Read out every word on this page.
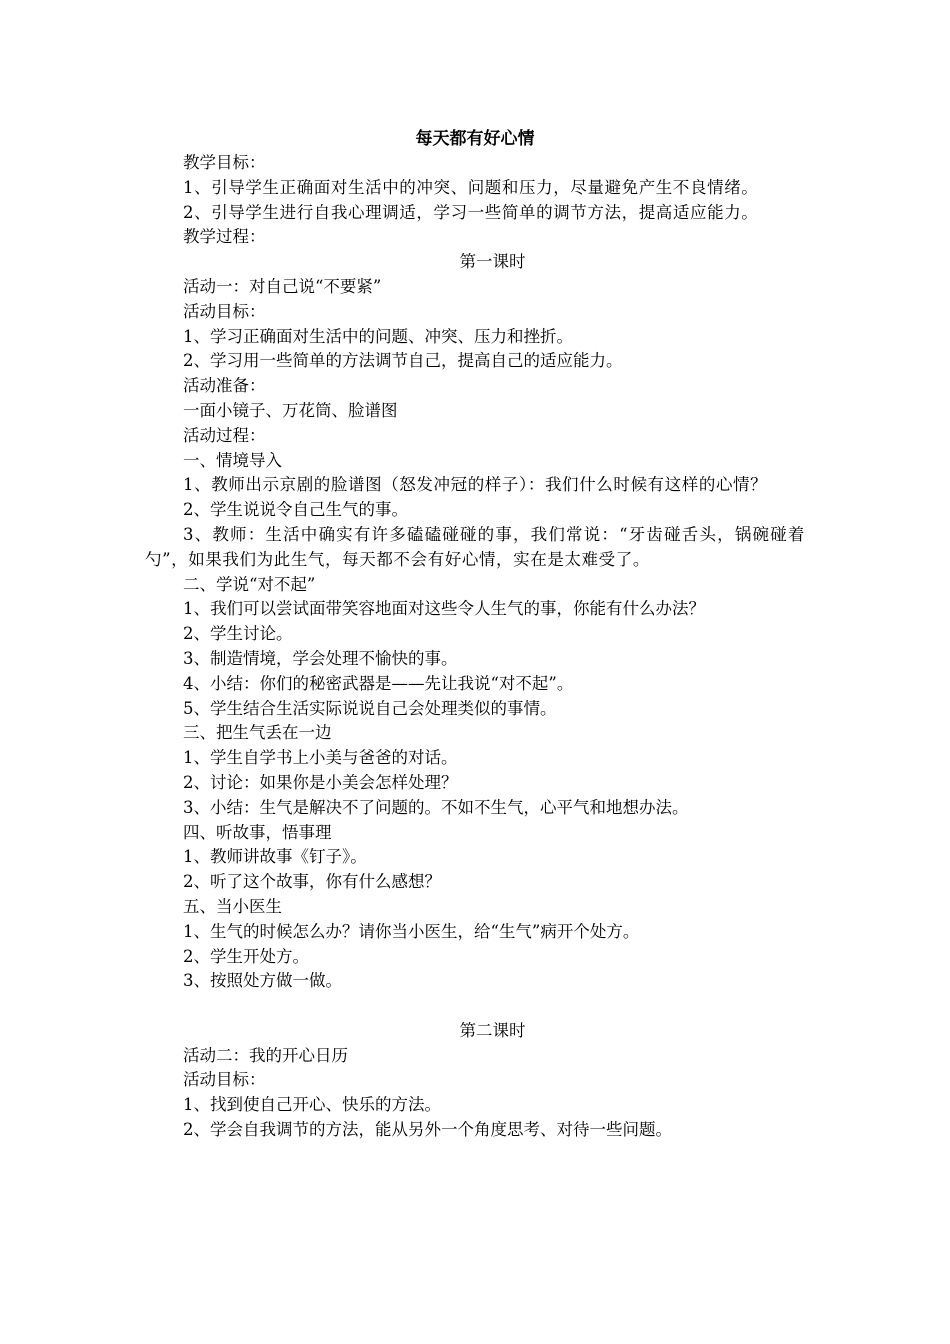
每天都有好心情

教学目标：

1、引导学生正确面对生活中的冲突、问题和压力，尽量避免产生不良情绪。

2、引导学生进行自我心理调适，学习一些简单的调节方法，提高适应能力。

教学过程：

第一课时

活动一：对自己说“不要紧”

活动目标：

1、学习正确面对生活中的问题、冲突、压力和挫折。

2、学习用一些简单的方法调节自己，提高自己的适应能力。

活动准备：

一面小镜子、万花筒、脸谱图

活动过程：

一、情境导入

1、教师出示京剧的脸谱图（怒发冲冠的样子）：我们什么时候有这样的心情？

2、学生说说令自己生气的事。

3、教师：生活中确实有许多磕磕碰碰的事，我们常说：“牙齿碰舌头，锅碗碰着勺”，如果我们为此生气，每天都不会有好心情，实在是太难受了。

二、学说“对不起”

1、我们可以尝试面带笑容地面对这些令人生气的事，你能有什么办法？

2、学生讨论。

3、制造情境，学会处理不愉快的事。

4、小结：你们的秘密武器是——先让我说“对不起”。

5、学生结合生活实际说说自己会处理类似的事情。

三、把生气丢在一边

1、学生自学书上小美与爸爸的对话。

2、讨论：如果你是小美会怎样处理？

3、小结：生气是解决不了问题的。不如不生气，心平气和地想办法。

四、听故事，悟事理

1、教师讲故事《钉子》。

2、听了这个故事，你有什么感想？

五、当小医生

1、生气的时候怎么办？请你当小医生，给“生气”病开个处方。

2、学生开处方。

3、按照处方做一做。

第二课时

活动二：我的开心日历

活动目标：

1、找到使自己开心、快乐的方法。

2、学会自我调节的方法，能从另外一个角度思考、对待一些问题。
